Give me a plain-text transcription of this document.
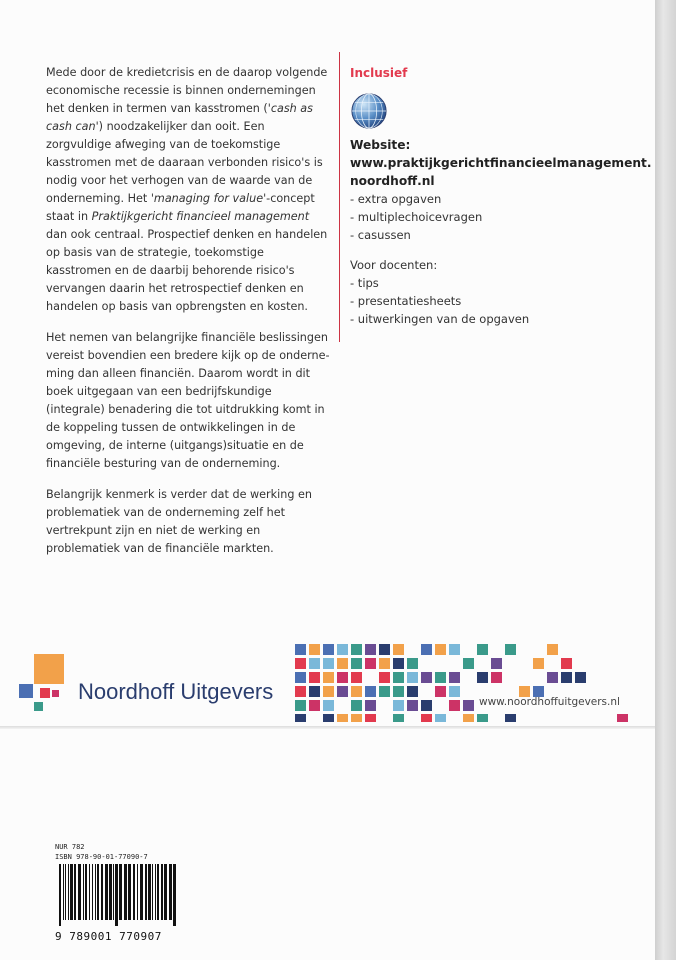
Mede door de kredietcrisis en de daarop volgende economische recessie is binnen ondernemingen het denken in termen van kasstromen ('cash as cash can') noodzakelijker dan ooit. Een zorgvuldige afweging van de toekomstige kasstromen met de daaraan verbonden risico's is nodig voor het verhogen van de waarde van de onderneming. Het 'managing for value'-concept staat in Praktijkgericht financieel management dan ook centraal. Prospectief denken en handelen op basis van de strategie, toekomstige kasstromen en de daarbij behorende risico's vervangen daarin het retrospectief denken en handelen op basis van opbrengsten en kosten.

Het nemen van belangrijke financiële beslissingen vereist bovendien een bredere kijk op de onderneming dan alleen financiën. Daarom wordt in dit boek uitgegaan van een bedrijfskundige (integrale) benadering die tot uitdrukking komt in de koppeling tussen de ontwikkelingen in de omgeving, de interne (uitgangs)situatie en de financiële besturing van de onderneming.

Belangrijk kenmerk is verder dat de werking en problematiek van de onderneming zelf het vertrekpunt zijn en niet de werking en problematiek van de financiële markten.

Inclusief
Website:
www.praktijkgerichtfinancieelmanagement.
noordhoff.nl
- extra opgaven
- multiplechoicevragen
- casussen
Voor docenten:
- tips
- presentatiesheets
- uitwerkingen van de opgaven
Noordhoff Uitgevers	www.noordhoffuitgevers.nl
NUR 782
ISBN 978-90-01-77090-7
9 789001 770907
